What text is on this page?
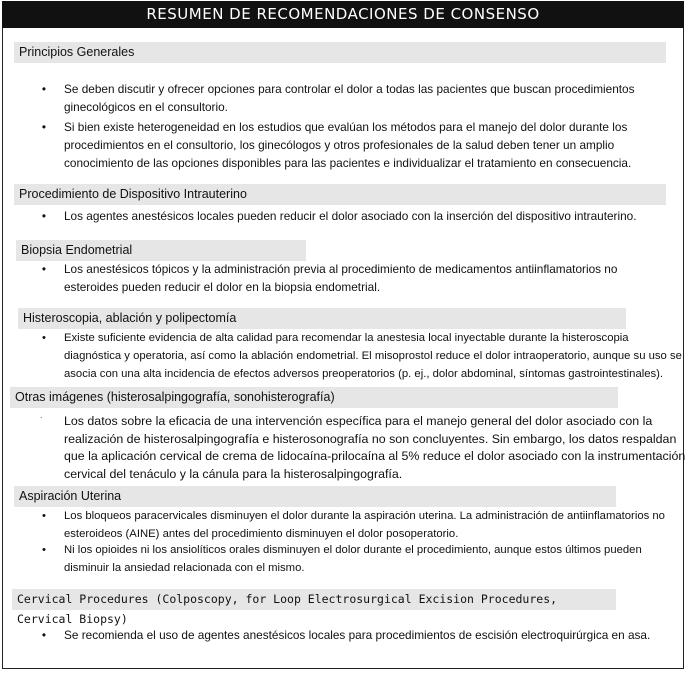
RESUMEN DE RECOMENDACIONES DE CONSENSO
Principios Generales
• Se deben discutir y ofrecer opciones para controlar el dolor a todas las pacientes que buscan procedimientos ginecológicos en el consultorio.
• Si bien existe heterogeneidad en los estudios que evalúan los métodos para el manejo del dolor durante los procedimientos en el consultorio, los ginecólogos y otros profesionales de la salud deben tener un amplio conocimiento de las opciones disponibles para las pacientes e individualizar el tratamiento en consecuencia.
Procedimiento de Dispositivo Intrauterino
• Los agentes anestésicos locales pueden reducir el dolor asociado con la inserción del dispositivo intrauterino.
Biopsia Endometrial
• Los anestésicos tópicos y la administración previa al procedimiento de medicamentos antiinflamatorios no esteroides pueden reducir el dolor en la biopsia endometrial.
Histeroscopia, ablación y polipectomía
• Existe suficiente evidencia de alta calidad para recomendar la anestesia local inyectable durante la histeroscopia diagnóstica y operatoria, así como la ablación endometrial. El misoprostol reduce el dolor intraoperatorio, aunque su uso se asocia con una alta incidencia de efectos adversos preoperatorios (p. ej., dolor abdominal, síntomas gastrointestinales).
Otras imágenes (histerosalpingografía, sonohisterografía)
. Los datos sobre la eficacia de una intervención específica para el manejo general del dolor asociado con la realización de histerosalpingografía e histerosonografía no son concluyentes. Sin embargo, los datos respaldan que la aplicación cervical de crema de lidocaína-prilocaína al 5% reduce el dolor asociado con la instrumentación cervical del tenáculo y la cánula para la histerosalpingografía.
Aspiración Uterina
• Los bloqueos paracervicales disminuyen el dolor durante la aspiración uterina. La administración de antiinflamatorios no esteroideos (AINE) antes del procedimiento disminuyen el dolor posoperatorio.
• Ni los opioides ni los ansiolíticos orales disminuyen el dolor durante el procedimiento, aunque estos últimos pueden disminuir la ansiedad relacionada con el mismo.
Cervical Procedures (Colposcopy, for Loop Electrosurgical Excision Procedures, Cervical Biopsy)
• Se recomienda el uso de agentes anestésicos locales para procedimientos de escisión electroquirúrgica en asa.
